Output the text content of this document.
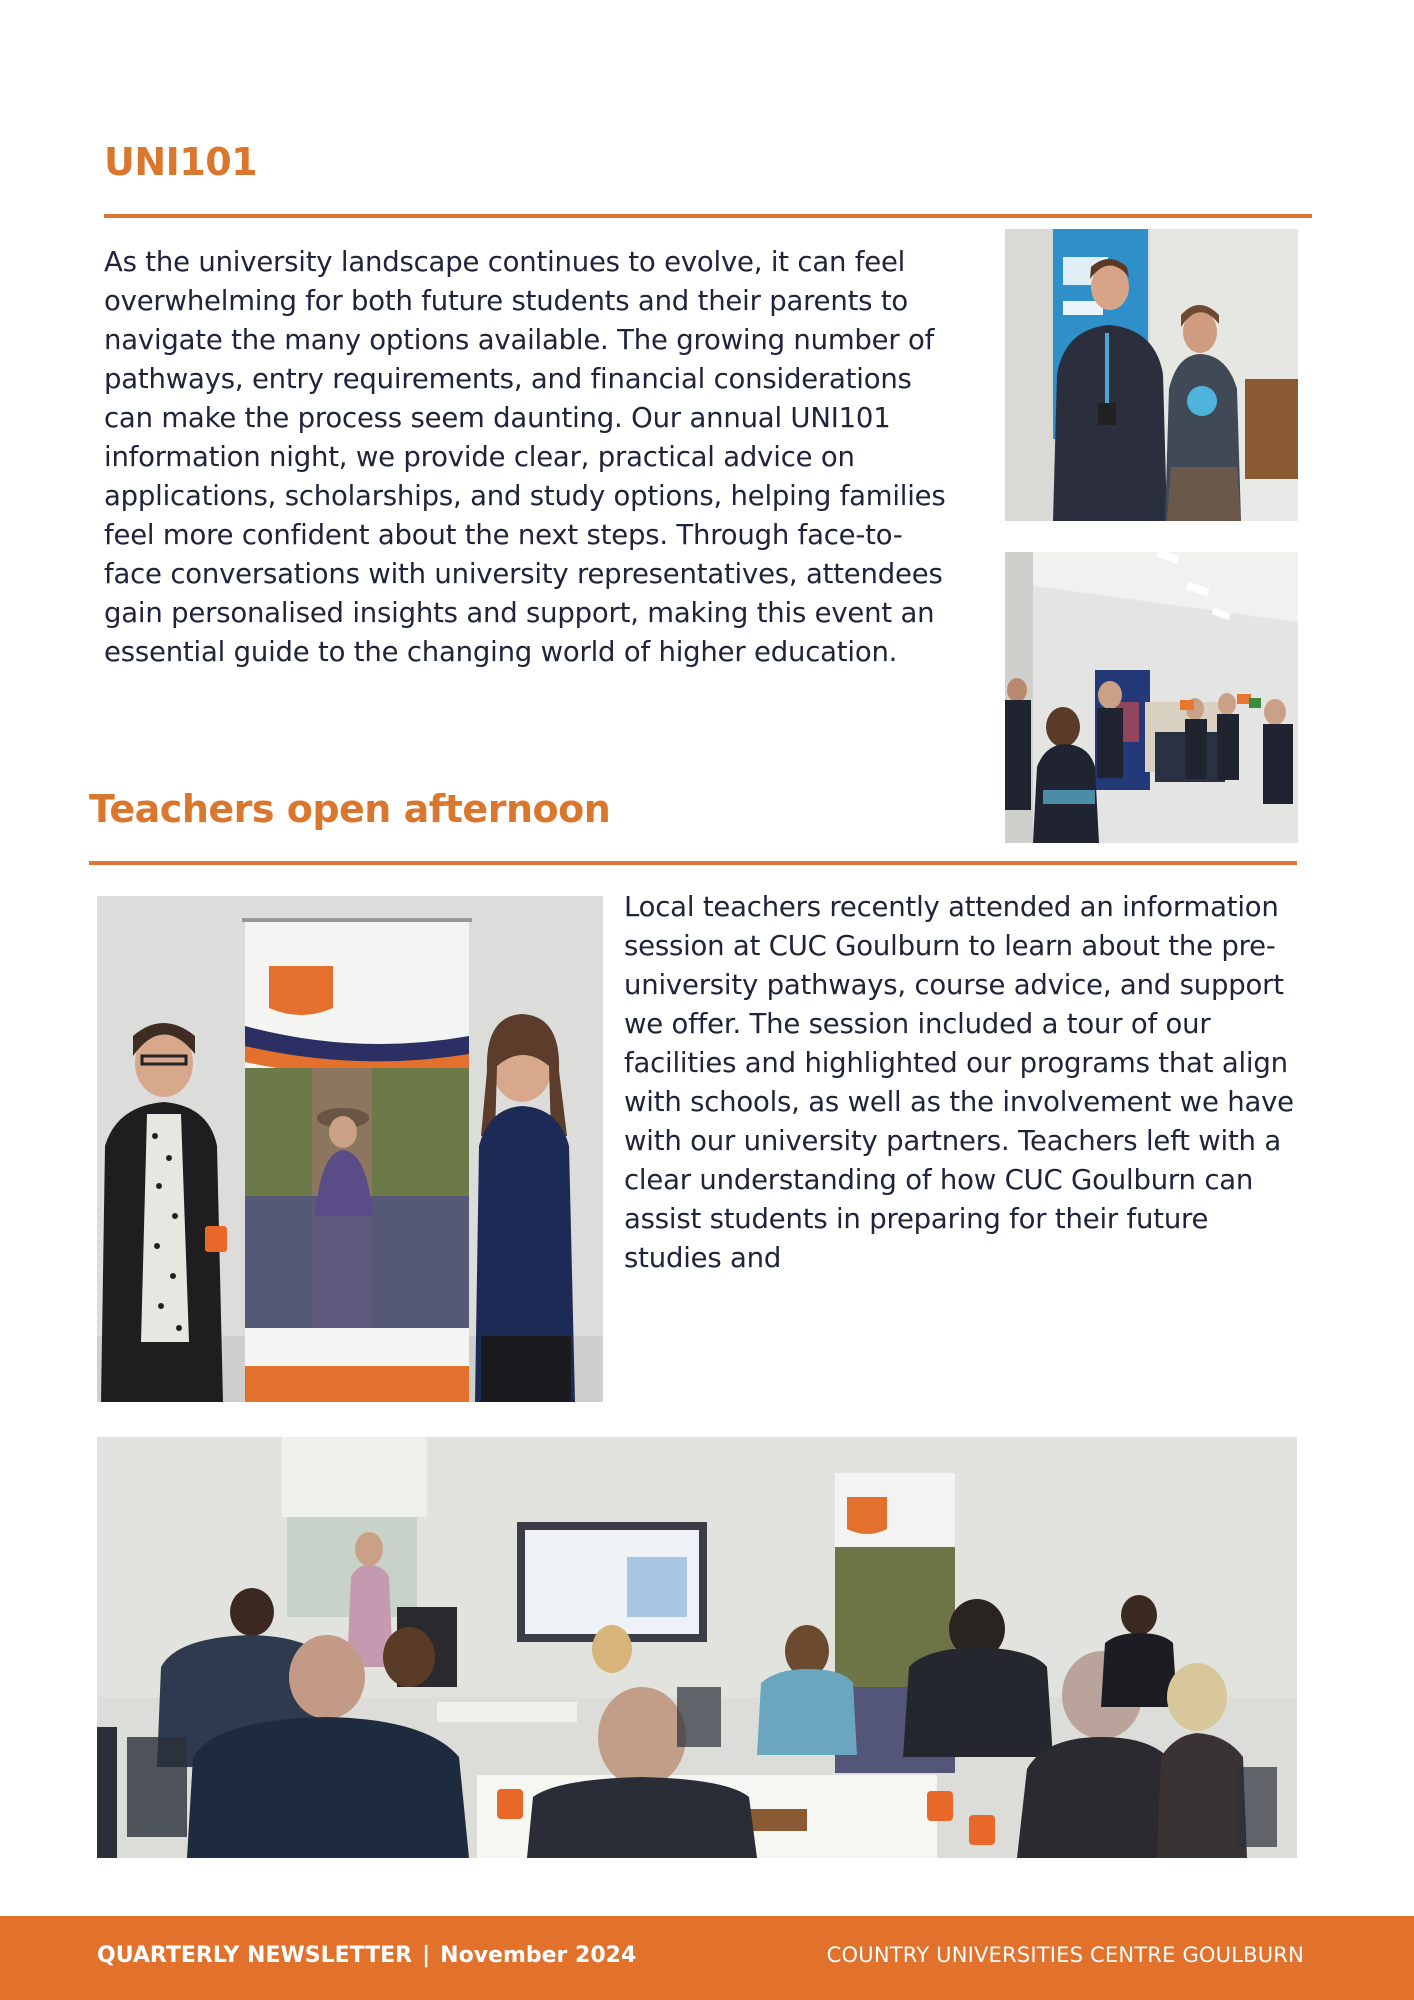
UNI101

As the university landscape continues to evolve, it can feel overwhelming for both future students and their parents to navigate the many options available. The growing number of pathways, entry requirements, and financial considerations can make the process seem daunting. Our annual UNI101 information night, we provide clear, practical advice on applications, scholarships, and study options, helping families feel more confident about the next steps. Through face-to-face conversations with university representatives, attendees gain personalised insights and support, making this event an essential guide to the changing world of higher education.

Teachers open afternoon

Local teachers recently attended an information session at CUC Goulburn to learn about the pre-university pathways, course advice, and support we offer. The session included a tour of our facilities and highlighted our programs that align with schools, as well as the involvement we have with our university partners. Teachers left with a clear understanding of how CUC Goulburn can assist students in preparing for their future studies and

QUARTERLY NEWSLETTER | November 2024	COUNTRY UNIVERSITIES CENTRE GOULBURN
